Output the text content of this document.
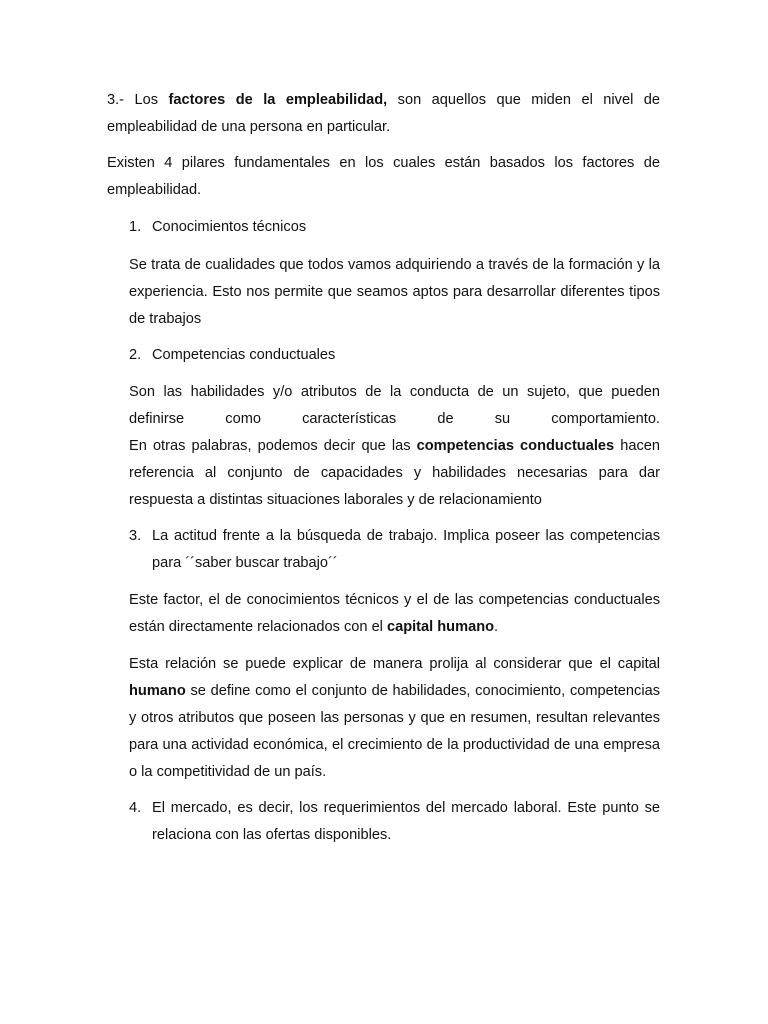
3.- Los factores de la empleabilidad, son aquellos que miden el nivel de empleabilidad de una persona en particular.

Existen 4 pilares fundamentales en los cuales están basados los factores de empleabilidad.

1. Conocimientos técnicos

Se trata de cualidades que todos vamos adquiriendo a través de la formación y la experiencia. Esto nos permite que seamos aptos para desarrollar diferentes tipos de trabajos

2. Competencias conductuales

Son las habilidades y/o atributos de la conducta de un sujeto, que pueden definirse como características de su comportamiento.

En otras palabras, podemos decir que las competencias conductuales hacen referencia al conjunto de capacidades y habilidades necesarias para dar respuesta a distintas situaciones laborales y de relacionamiento

3. La actitud frente a la búsqueda de trabajo. Implica poseer las competencias para ´´saber buscar trabajo´´

Este factor, el de conocimientos técnicos y el de las competencias conductuales están directamente relacionados con el capital humano.

Esta relación se puede explicar de manera prolija al considerar que el capital humano se define como el conjunto de habilidades, conocimiento, competencias y otros atributos que poseen las personas y que en resumen, resultan relevantes para una actividad económica, el crecimiento de la productividad de una empresa o la competitividad de un país.

4. El mercado, es decir, los requerimientos del mercado laboral. Este punto se relaciona con las ofertas disponibles.
